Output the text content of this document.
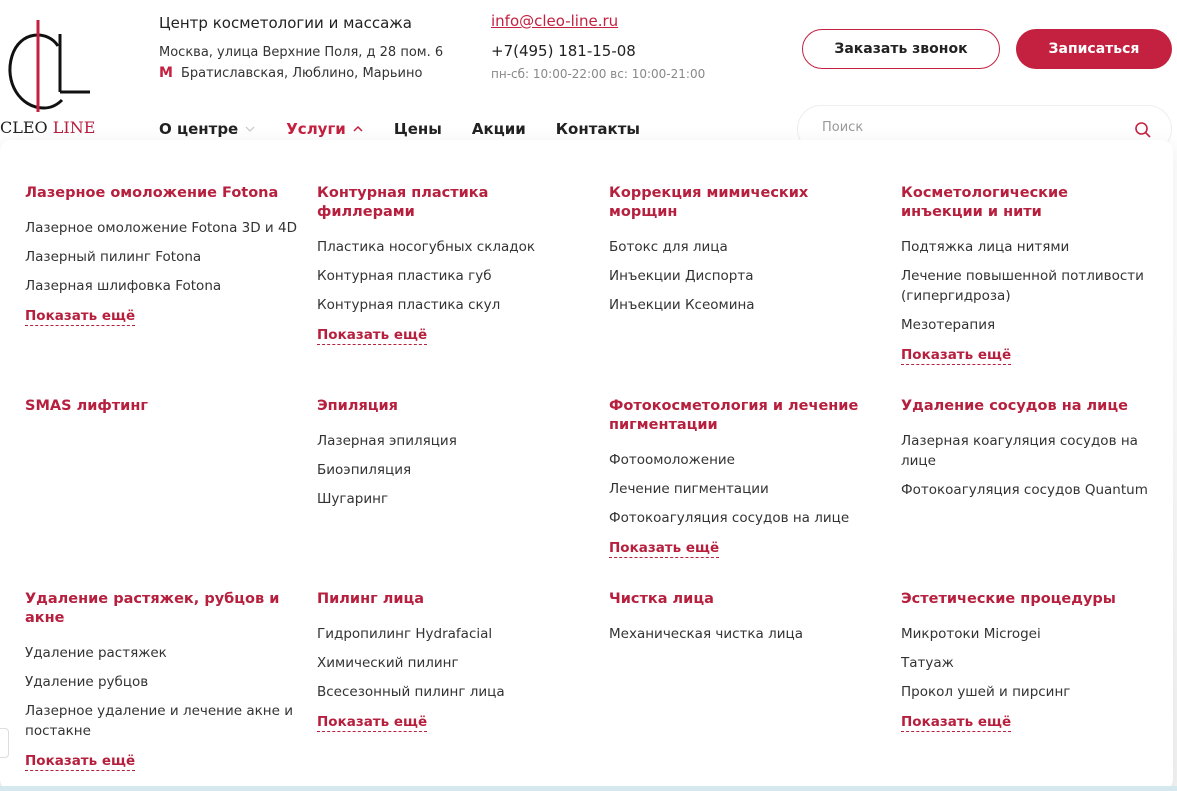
CLEO LINE
Центр косметологии и массажа
Москва, улица Верхние Поля, д 28 пом. 6
М Братиславская, Люблино, Марьино
info@cleo-line.ru
+7(495) 181-15-08
пн-сб: 10:00-22:00 вс: 10:00-21:00
Заказать звонок	Записаться
О центре	Услуги	Цены Акции Контакты
Поиск
Лазерное омоложение Fotona
Лазерное омоложение Fotona 3D и 4D
Лазерный пилинг Fotona
Лазерная шлифовка Fotona
Показать ещё
Контурная пластика филлерами
Пластика носогубных складок
Контурная пластика губ
Контурная пластика скул
Показать ещё
Коррекция мимических морщин
Ботокс для лица
Инъекции Диспорта
Инъекции Ксеомина
Косметологические инъекции и нити
Подтяжка лица нитями
Лечение повышенной потливости (гипергидроза)
Мезотерапия
Показать ещё
SMAS лифтинг	Эпиляция
Лазерная эпиляция
Биоэпиляция
Шугаринг
Фотокосметология и лечение пигментации
Фотоомоложение
Лечение пигментации
Фотокоагуляция сосудов на лице
Показать ещё
Удаление сосудов на лице
Лазерная коагуляция сосудов на лице
Фотокоагуляция сосудов Quantum
Удаление растяжек, рубцов и акне
Удаление растяжек
Удаление рубцов
Лазерное удаление и лечение акне и постакне
Показать ещё
Пилинг лица
Гидропилинг Hydrafacial
Химический пилинг
Всесезонный пилинг лица
Показать ещё
Чистка лица
Механическая чистка лица
Эстетические процедуры
Микротоки Microgei
Татуаж
Прокол ушей и пирсинг
Показать ещё
